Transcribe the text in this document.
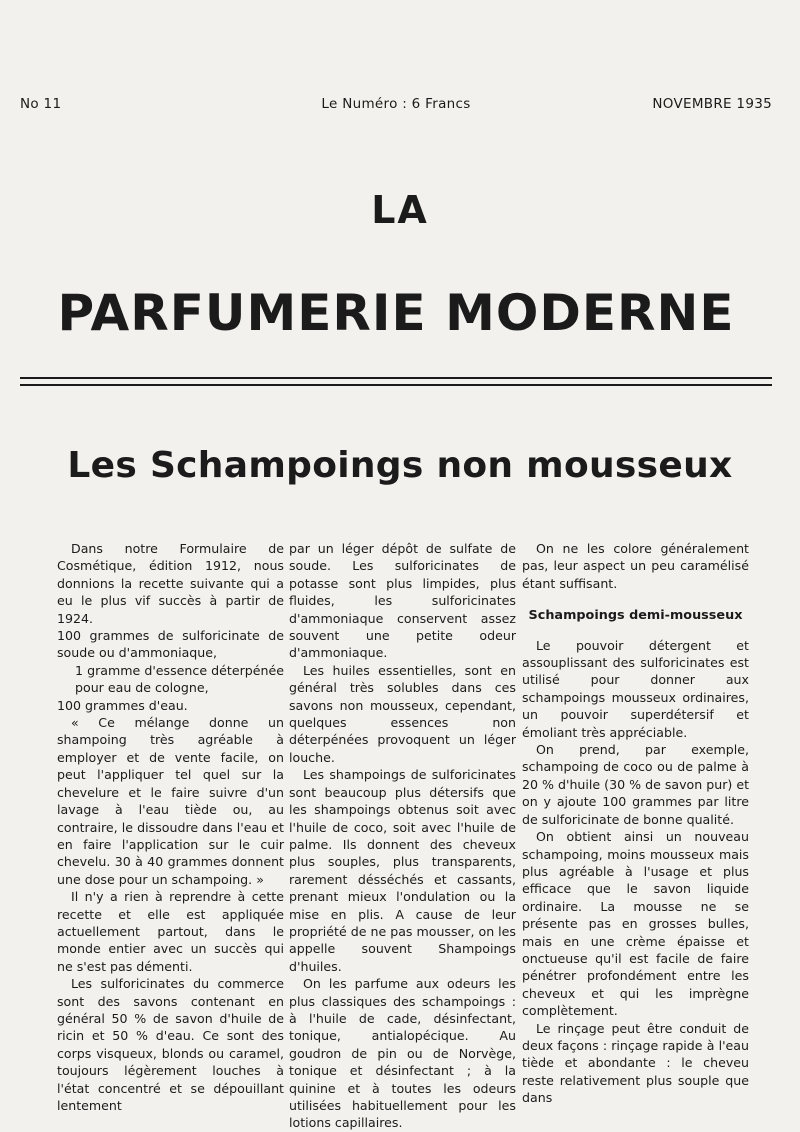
No 11	Le Numéro : 6 Francs	NOVEMBRE 1935
LA
PARFUMERIE MODERNE
Les Schampoings non mousseux

Dans notre Formulaire de Cosmétique, édition 1912, nous donnions la recette suivante qui a eu le plus vif succès à partir de 1924.

100 grammes de sulforicinate de soude ou d'ammoniaque,

1 gramme d'essence déterpénée pour eau de cologne,

100 grammes d'eau.

« Ce mélange donne un shampoing très agréable à employer et de vente facile, on peut l'appliquer tel quel sur la chevelure et le faire suivre d'un lavage à l'eau tiède ou, au contraire, le dissoudre dans l'eau et en faire l'application sur le cuir chevelu. 30 à 40 grammes donnent une dose pour un schampoing. »

Il n'y a rien à reprendre à cette recette et elle est appliquée actuellement partout, dans le monde entier avec un succès qui ne s'est pas démenti.

Les sulforicinates du commerce sont des savons contenant en général 50 % de savon d'huile de ricin et 50 % d'eau. Ce sont des corps visqueux, blonds ou caramel, toujours légèrement louches à l'état concentré et se dépouillant lentement

par un léger dépôt de sulfate de soude. Les sulforicinates de potasse sont plus limpides, plus fluides, les sulforicinates d'ammoniaque conservent assez souvent une petite odeur d'ammoniaque.

Les huiles essentielles, sont en général très solubles dans ces savons non mousseux, cependant, quelques essences non déterpénées provoquent un léger louche.

Les shampoings de sulforicinates sont beaucoup plus détersifs que les shampoings obtenus soit avec l'huile de coco, soit avec l'huile de palme. Ils donnent des cheveux plus souples, plus transparents, rarement désséchés et cassants, prenant mieux l'ondulation ou la mise en plis. A cause de leur propriété de ne pas mousser, on les appelle souvent Shampoings d'huiles.

On les parfume aux odeurs les plus classiques des schampoings : à l'huile de cade, désinfectant, tonique, antialopécique. Au goudron de pin ou de Norvège, tonique et désinfectant ; à la quinine et à toutes les odeurs utilisées habituellement pour les lotions capillaires.

On ne les colore généralement pas, leur aspect un peu caramélisé étant suffisant.

Schampoings demi-mousseux

Le pouvoir détergent et assouplissant des sulforicinates est utilisé pour donner aux schampoings mousseux ordinaires, un pouvoir superdétersif et émoliant très appréciable.

On prend, par exemple, schampoing de coco ou de palme à 20 % d'huile (30 % de savon pur) et on y ajoute 100 grammes par litre de sulforicinate de bonne qualité.

On obtient ainsi un nouveau schampoing, moins mousseux mais plus agréable à l'usage et plus efficace que le savon liquide ordinaire. La mousse ne se présente pas en grosses bulles, mais en une crème épaisse et onctueuse qu'il est facile de faire pénétrer profondément entre les cheveux et qui les imprègne complètement.

Le rinçage peut être conduit de deux façons : rinçage rapide à l'eau tiède et abondante : le cheveu reste relativement plus souple que dans
